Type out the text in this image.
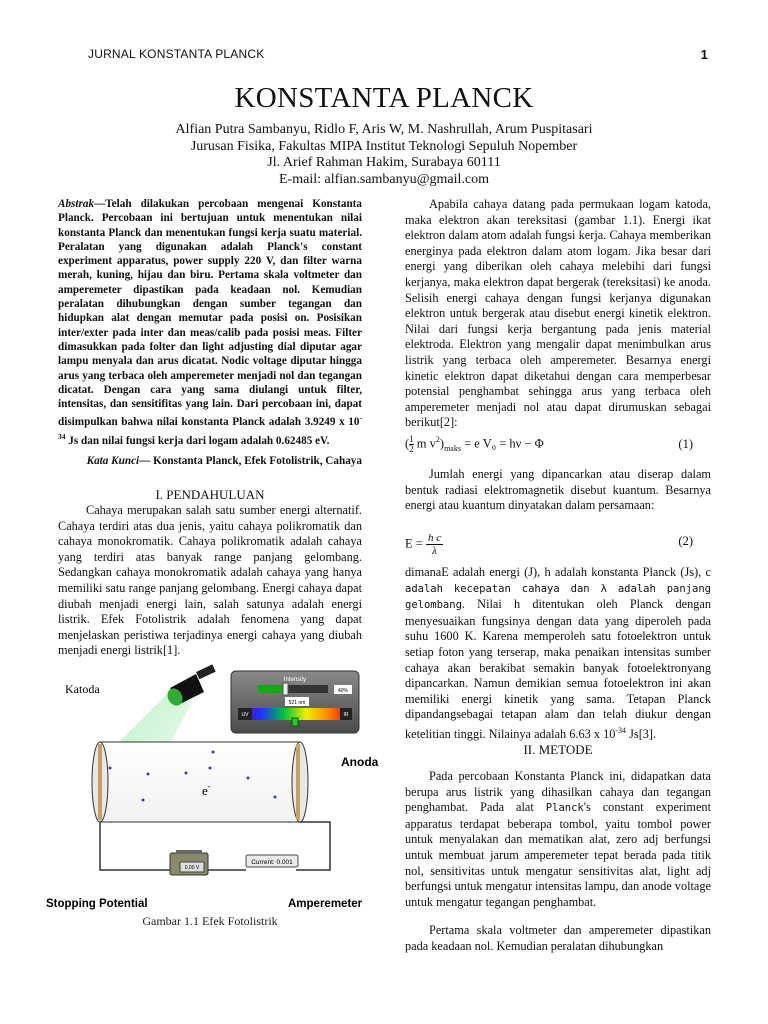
JURNAL KONSTANTA PLANCK	1
KONSTANTA PLANCK
Alfian Putra Sambanyu, Ridlo F, Aris W, M. Nashrullah, Arum Puspitasari
Jurusan Fisika, Fakultas MIPA Institut Teknologi Sepuluh Nopember
Jl. Arief Rahman Hakim, Surabaya 60111
E-mail: alfian.sambanyu@gmail.com
Abstrak—Telah dilakukan percobaan mengenai Konstanta Planck. Percobaan ini bertujuan untuk menentukan nilai konstanta Planck dan menentukan fungsi kerja suatu material. Peralatan yang digunakan adalah Planck's constant experiment apparatus, power supply 220 V, dan filter warna merah, kuning, hijau dan biru. Pertama skala voltmeter dan amperemeter dipastikan pada keadaan nol. Kemudian peralatan dihubungkan dengan sumber tegangan dan hidupkan alat dengan memutar pada posisi on. Posisikan inter/exter pada inter dan meas/calib pada posisi meas. Filter dimasukkan pada folter dan light adjusting dial diputar agar lampu menyala dan arus dicatat. Nodic voltage diputar hingga arus yang terbaca oleh amperemeter menjadi nol dan tegangan dicatat. Dengan cara yang sama diulangi untuk filter, intensitas, dan sensitifitas yang lain. Dari percobaan ini, dapat disimpulkan bahwa nilai konstanta Planck adalah 3.9249 x $10^{-34}$ Js dan nilai fungsi kerja dari logam adalah 0.62485 eV.
Kata Kunci— Konstanta Planck, Efek Fotolistrik, Cahaya
I. PENDAHULUAN
Cahaya merupakan salah satu sumber energi alternatif. Cahaya terdiri atas dua jenis, yaitu cahaya polikromatik dan cahaya monokromatik. Cahaya polikromatik adalah cahaya yang terdiri atas banyak range panjang gelombang. Sedangkan cahaya monokromatik adalah cahaya yang hanya memiliki satu range panjang gelombang. Energi cahaya dapat diubah menjadi energi lain, salah satunya adalah energi listrik. Efek Fotolistrik adalah fenomena yang dapat menjelaskan peristiwa terjadinya energi cahaya yang diubah menjadi energi listrik[1].
Intensity
40%
521 nm
UV	IR
e-
0.00 V
Current: 0.001
Katoda
Anoda
Stopping Potential	Amperemeter
Gambar 1.1 Efek Fotolistrik

Apabila cahaya datang pada permukaan logam katoda, maka elektron akan tereksitasi (gambar 1.1). Energi ikat elektron dalam atom adalah fungsi kerja. Cahaya memberikan energinya pada elektron dalam atom logam. Jika besar dari energi yang diberikan oleh cahaya melebihi dari fungsi kerjanya, maka elektron dapat bergerak (tereksitasi) ke anoda. Selisih energi cahaya dengan fungsi kerjanya digunakan elektron untuk bergerak atau disebut energi kinetik elektron. Nilai dari fungsi kerja bergantung pada jenis material elektroda. Elektron yang mengalir dapat menimbulkan arus listrik yang terbaca oleh amperemeter. Besarnya energi kinetic elektron dapat diketahui dengan cara memperbesar potensial penghambat sehingga arus yang terbaca oleh amperemeter menjadi nol atau dapat dirumuskan sebagai berikut[2]:

( $\frac{1}{2}$ m $v^2)_{maks} = e$ V₀ = hν − Φ	(1)

Jumlah energi yang dipancarkan atau diserap dalam bentuk radiasi elektromagnetik disebut kuantum. Besarnya energi atau kuantum dinyatakan dalam persamaan:

$E = \frac{\text{h c}}{\lambda}$	(2)

dimanaE adalah energi (J), h adalah konstanta Planck (Js), c adalah kecepatan cahaya dan λ adalah panjang gelombang. Nilai h ditentukan oleh Planck dengan menyesuaikan fungsinya dengan data yang diperoleh pada suhu 1600 K. Karena memperoleh satu fotoelektron untuk setiap foton yang terserap, maka penaikan intensitas sumber cahaya akan berakibat semakin banyak fotoelektronyang dipancarkan. Namun demikian semua fotoelektron ini akan memiliki energi kinetik yang sama. Tetapan Planck dipandangsebagai tetapan alam dan telah diukur dengan ketelitian tinggi. Nilainya adalah 6.63 x $10^{-34}$ Js[3].

II. METODE

Pada percobaan Konstanta Planck ini, didapatkan data berupa arus listrik yang dihasilkan cahaya dan tegangan penghambat. Pada alat Planck's constant experiment apparatus terdapat beberapa tombol, yaitu tombol power untuk menyalakan dan mematikan alat, zero adj berfungsi untuk membuat jarum amperemeter tepat berada pada titik nol, sensitivitas untuk mengatur sensitivitas alat, light adj berfungsi untuk mengatur intensitas lampu, dan anode voltage untuk mengatur tegangan penghambat.

Pertama skala voltmeter dan amperemeter dipastikan pada keadaan nol. Kemudian peralatan dihubungkan
